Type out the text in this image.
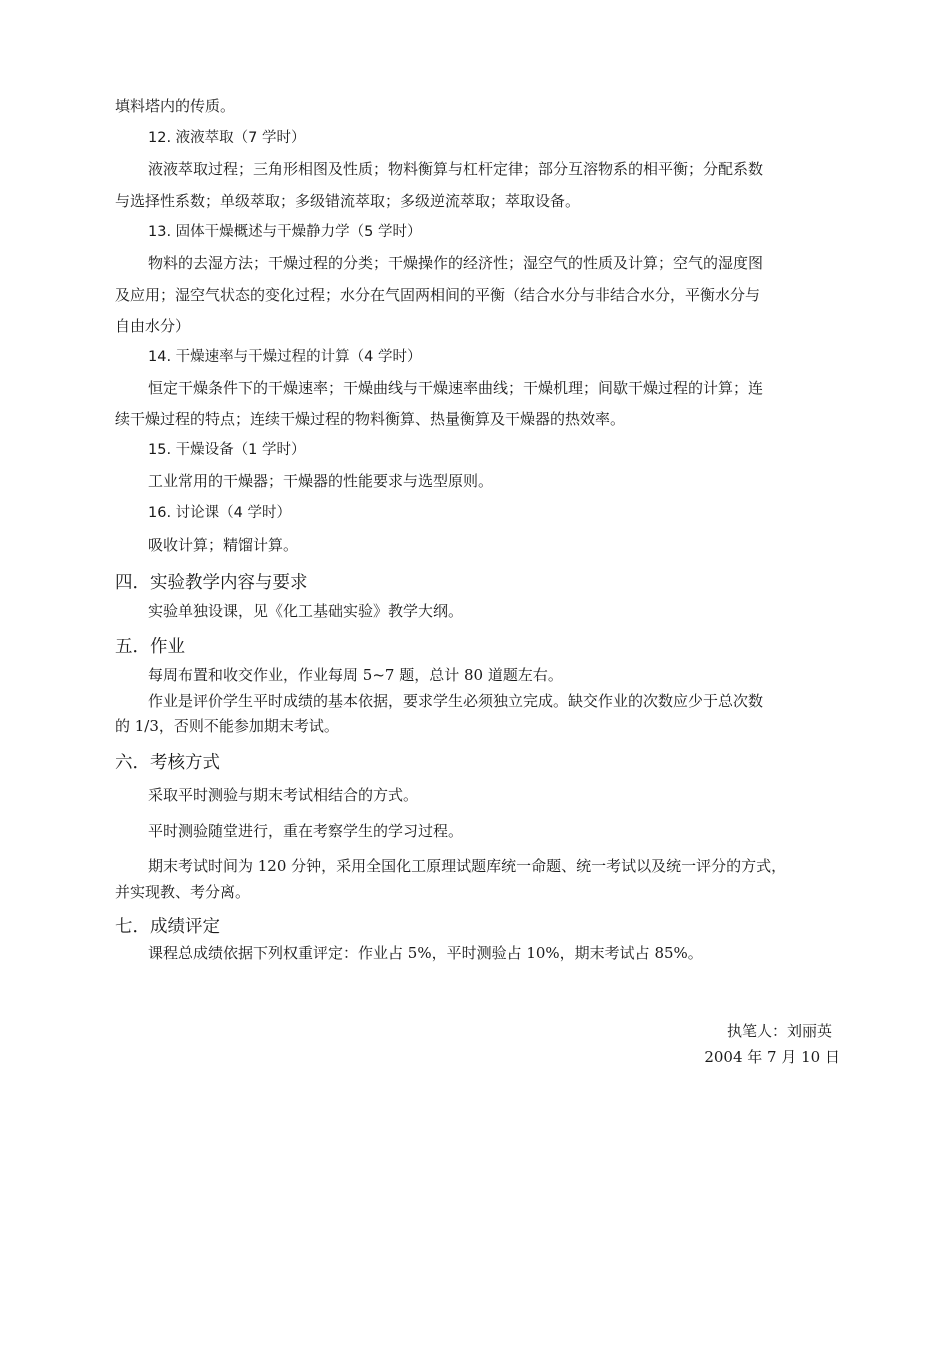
填料塔内的传质。
12. 液液萃取（7 学时）
液液萃取过程；三角形相图及性质；物料衡算与杠杆定律；部分互溶物系的相平衡；分配系数
与选择性系数；单级萃取；多级错流萃取；多级逆流萃取；萃取设备。
13. 固体干燥概述与干燥静力学（5 学时）
物料的去湿方法；干燥过程的分类；干燥操作的经济性；湿空气的性质及计算；空气的湿度图
及应用；湿空气状态的变化过程；水分在气固两相间的平衡（结合水分与非结合水分，平衡水分与
自由水分）
14. 干燥速率与干燥过程的计算（4 学时）
恒定干燥条件下的干燥速率；干燥曲线与干燥速率曲线；干燥机理；间歇干燥过程的计算；连
续干燥过程的特点；连续干燥过程的物料衡算、热量衡算及干燥器的热效率。
15. 干燥设备（1 学时）
工业常用的干燥器；干燥器的性能要求与选型原则。
16. 讨论课（4 学时）
吸收计算；精馏计算。
四．实验教学内容与要求
实验单独设课，见《化工基础实验》教学大纲。
五．作业
每周布置和收交作业，作业每周 5~7 题，总计 80 道题左右。
作业是评价学生平时成绩的基本依据，要求学生必须独立完成。缺交作业的次数应少于总次数
的 1/3，否则不能参加期末考试。
六．考核方式
采取平时测验与期末考试相结合的方式。
平时测验随堂进行，重在考察学生的学习过程。
期末考试时间为 120 分钟，采用全国化工原理试题库统一命题、统一考试以及统一评分的方式，
并实现教、考分离。
七．成绩评定
课程总成绩依据下列权重评定：作业占 5%，平时测验占 10%，期末考试占 85%。
执笔人：刘丽英
2004 年 7 月 10 日
